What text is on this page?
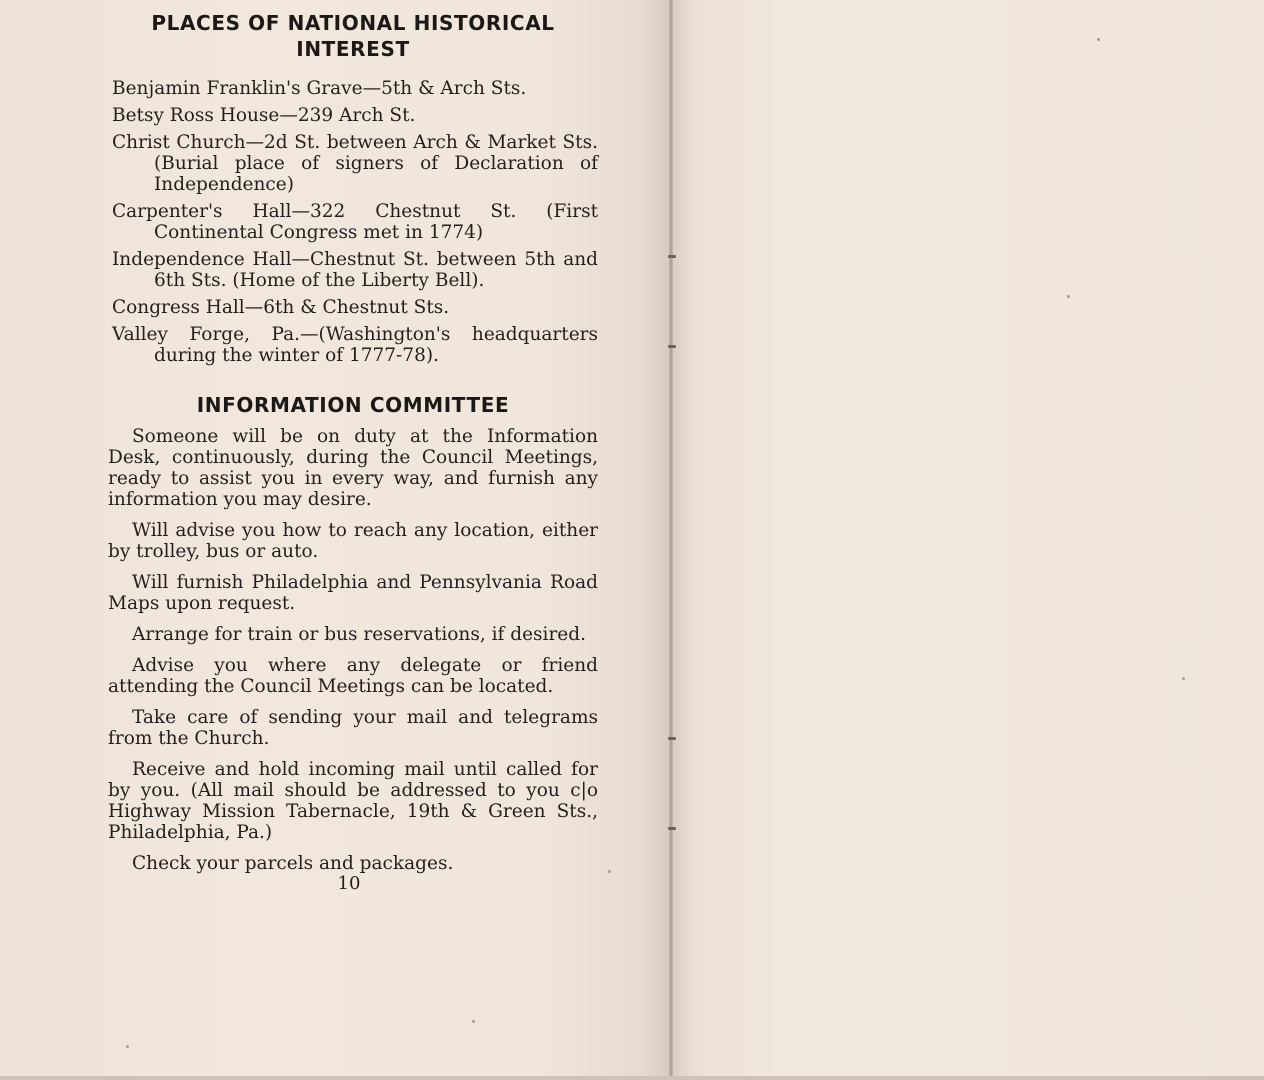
PLACES OF NATIONAL HISTORICAL INTEREST
Benjamin Franklin's Grave—5th & Arch Sts.
Betsy Ross House—239 Arch St.
Christ Church—2d St. between Arch & Market Sts. (Burial place of signers of Declaration of Independence)
Carpenter's Hall—322 Chestnut St. (First Continental Congress met in 1774)
Independence Hall—Chestnut St. between 5th and 6th Sts. (Home of the Liberty Bell).
Congress Hall—6th & Chestnut Sts.
Valley Forge, Pa.—(Washington's headquarters during the winter of 1777-78).
INFORMATION COMMITTEE

Someone will be on duty at the Information Desk, continuously, during the Council Meetings, ready to assist you in every way, and furnish any information you may desire.

Will advise you how to reach any location, either by trolley, bus or auto.

Will furnish Philadelphia and Pennsylvania Road Maps upon request.

Arrange for train or bus reservations, if desired.

Advise you where any delegate or friend attending the Council Meetings can be located.

Take care of sending your mail and telegrams from the Church.

Receive and hold incoming mail until called for by you. (All mail should be addressed to you c|o Highway Mission Tabernacle, 19th & Green Sts., Philadelphia, Pa.)

Check your parcels and packages.

10
